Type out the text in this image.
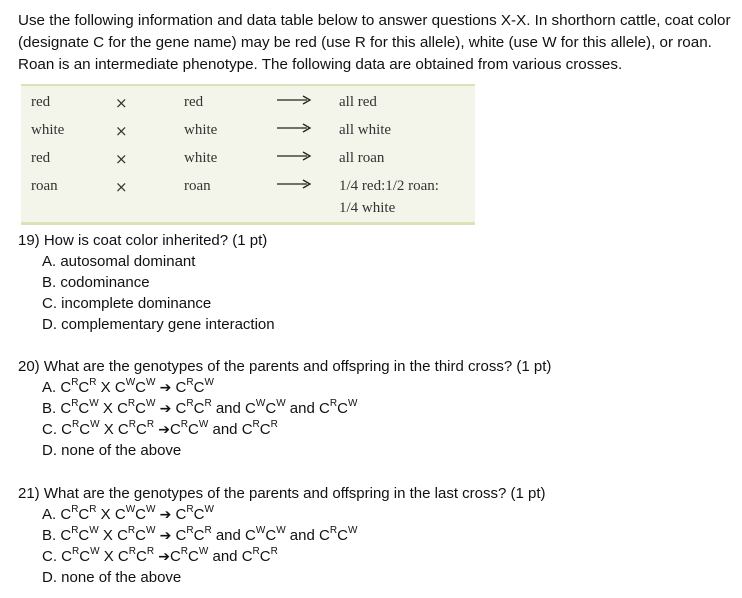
Use the following information and data table below to answer questions X-X. In shorthorn cattle, coat color (designate C for the gene name) may be red (use R for this allele), white (use W for this allele), or roan. Roan is an intermediate phenotype. The following data are obtained from various crosses.
red	×	red	all red
white	×	white	all white
red	×	white	all roan
roan	×	roan	1/4 red:1/2 roan:
1/4 white
19) How is coat color inherited? (1 pt)
A. autosomal dominant
B. codominance
C. incomplete dominance
D. complementary gene interaction
20) What are the genotypes of the parents and offspring in the third cross? (1 pt)
A. $C^RC^R$ X $C^WC^W$ ➔ $C^RC^W$
B. $C^RC^W$ X $C^RC^W$ ➔ $C^RC^R$ and $C^WC^W$ and $C^RC^W$
C. $C^RC^W$ X $C^RC^R$ $➔C^RC^W$ and $C^RC^R$
D. none of the above
21) What are the genotypes of the parents and offspring in the last cross? (1 pt)
A. $C^RC^R$ X $C^WC^W$ ➔ $C^RC^W$
B. $C^RC^W$ X $C^RC^W$ ➔ $C^RC^R$ and $C^WC^W$ and $C^RC^W$
C. $C^RC^W$ X $C^RC^R$ $➔C^RC^W$ and $C^RC^R$
D. none of the above
